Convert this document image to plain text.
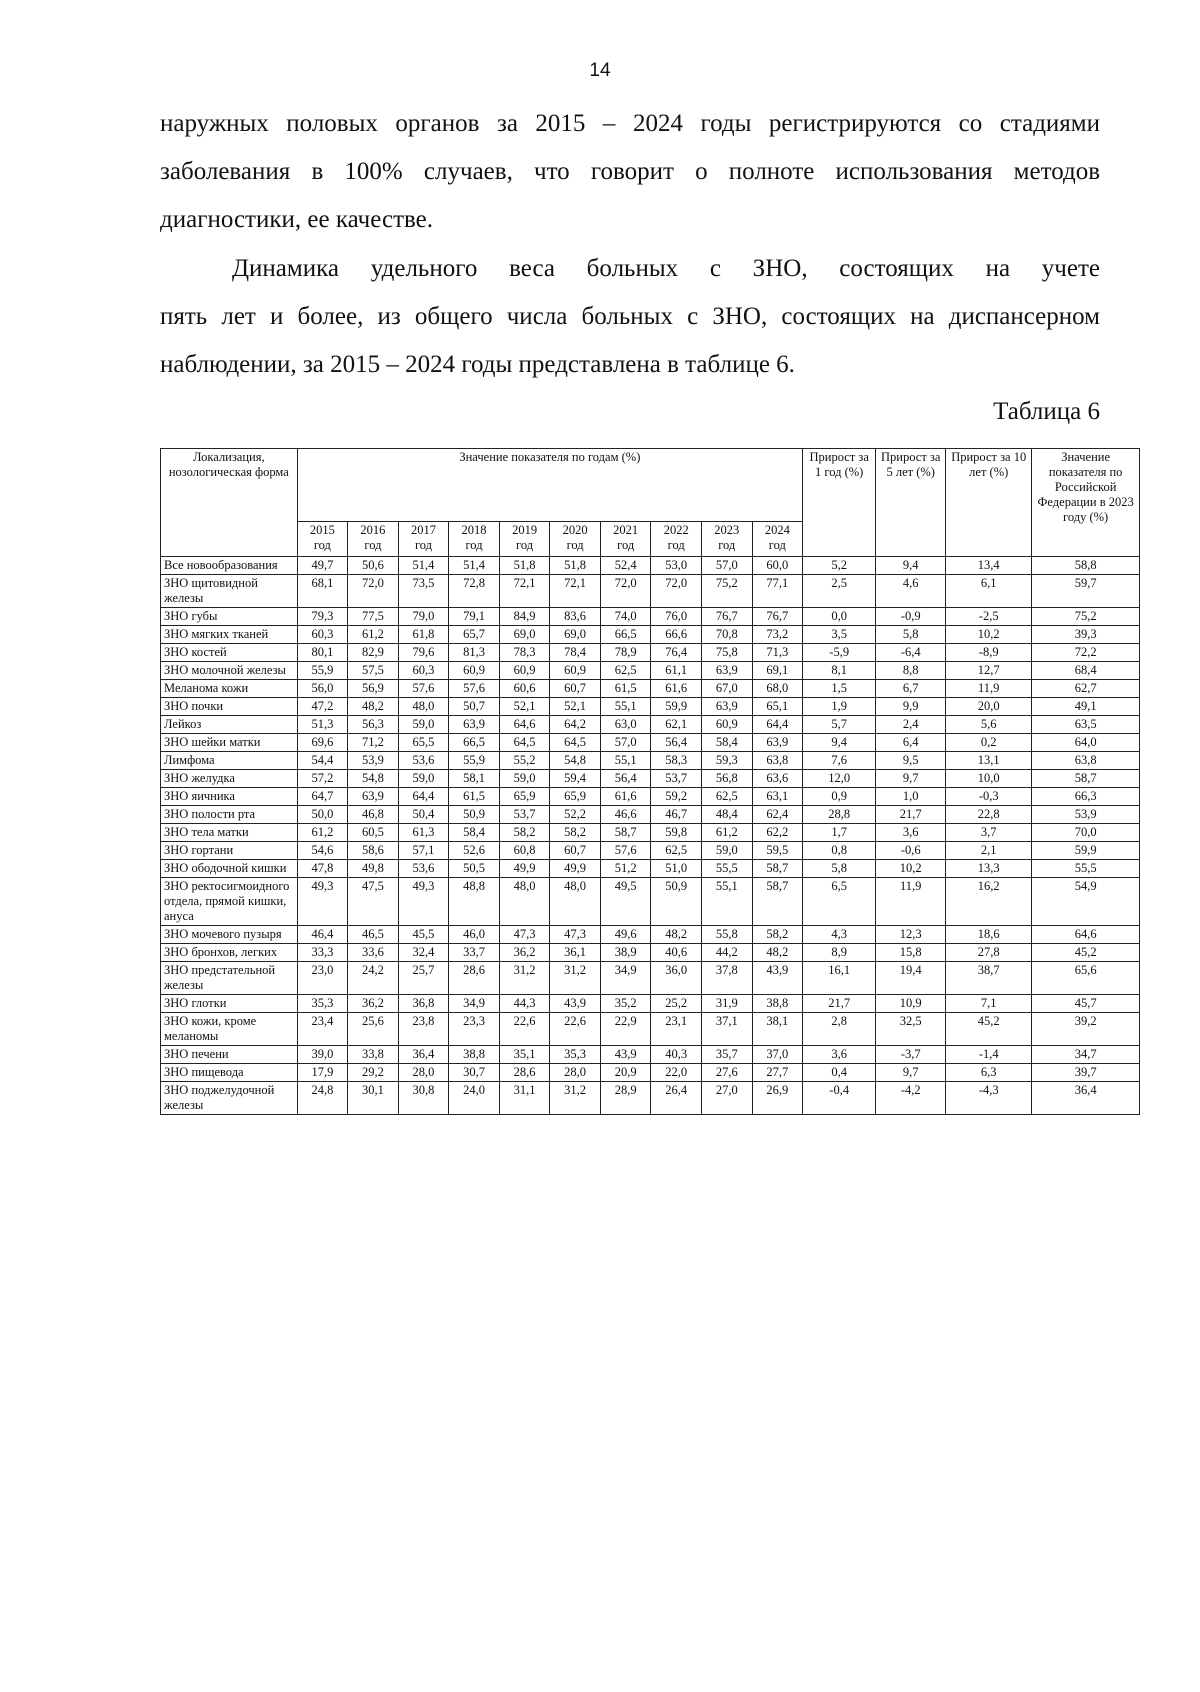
14
наружных половых органов за 2015 – 2024 годы регистрируются со стадиями
заболевания в 100% случаев, что говорит о полноте использования методов
диагностики, ее качестве.
Динамика удельного веса больных с ЗНО, состоящих на учете
пять лет и более, из общего числа больных с ЗНО, состоящих на диспансерном
наблюдении, за 2015 – 2024 годы представлена в таблице 6.
Таблица 6
Локализация, нозологическая форма	Значение показателя по годам (%)										Прирост за 1 год (%)	Прирост за 5 лет (%)	Прирост за 10 лет (%)	Значение показателя по Российской Федерации в 2023 году (%)
	2015 год	2016 год	2017 год	2018 год	2019 год	2020 год	2021 год	2022 год	2023 год	2024 год				
Все новообразования	49,7	50,6	51,4	51,4	51,8	51,8	52,4	53,0	57,0	60,0	5,2	9,4	13,4	58,8
ЗНО щитовидной железы	68,1	72,0	73,5	72,8	72,1	72,1	72,0	72,0	75,2	77,1	2,5	4,6	6,1	59,7
ЗНО губы	79,3	77,5	79,0	79,1	84,9	83,6	74,0	76,0	76,7	76,7	0,0	-0,9	-2,5	75,2
ЗНО мягких тканей	60,3	61,2	61,8	65,7	69,0	69,0	66,5	66,6	70,8	73,2	3,5	5,8	10,2	39,3
ЗНО костей	80,1	82,9	79,6	81,3	78,3	78,4	78,9	76,4	75,8	71,3	-5,9	-6,4	-8,9	72,2
ЗНО молочной железы	55,9	57,5	60,3	60,9	60,9	60,9	62,5	61,1	63,9	69,1	8,1	8,8	12,7	68,4
Меланома кожи	56,0	56,9	57,6	57,6	60,6	60,7	61,5	61,6	67,0	68,0	1,5	6,7	11,9	62,7
ЗНО почки	47,2	48,2	48,0	50,7	52,1	52,1	55,1	59,9	63,9	65,1	1,9	9,9	20,0	49,1
Лейкоз	51,3	56,3	59,0	63,9	64,6	64,2	63,0	62,1	60,9	64,4	5,7	2,4	5,6	63,5
ЗНО шейки матки	69,6	71,2	65,5	66,5	64,5	64,5	57,0	56,4	58,4	63,9	9,4	6,4	0,2	64,0
Лимфома	54,4	53,9	53,6	55,9	55,2	54,8	55,1	58,3	59,3	63,8	7,6	9,5	13,1	63,8
ЗНО желудка	57,2	54,8	59,0	58,1	59,0	59,4	56,4	53,7	56,8	63,6	12,0	9,7	10,0	58,7
ЗНО яичника	64,7	63,9	64,4	61,5	65,9	65,9	61,6	59,2	62,5	63,1	0,9	1,0	-0,3	66,3
ЗНО полости рта	50,0	46,8	50,4	50,9	53,7	52,2	46,6	46,7	48,4	62,4	28,8	21,7	22,8	53,9
ЗНО тела матки	61,2	60,5	61,3	58,4	58,2	58,2	58,7	59,8	61,2	62,2	1,7	3,6	3,7	70,0
ЗНО гортани	54,6	58,6	57,1	52,6	60,8	60,7	57,6	62,5	59,0	59,5	0,8	-0,6	2,1	59,9
ЗНО ободочной кишки	47,8	49,8	53,6	50,5	49,9	49,9	51,2	51,0	55,5	58,7	5,8	10,2	13,3	55,5
ЗНО ректосигмоидного отдела, прямой кишки, ануса	49,3	47,5	49,3	48,8	48,0	48,0	49,5	50,9	55,1	58,7	6,5	11,9	16,2	54,9
ЗНО мочевого пузыря	46,4	46,5	45,5	46,0	47,3	47,3	49,6	48,2	55,8	58,2	4,3	12,3	18,6	64,6
ЗНО бронхов, легких	33,3	33,6	32,4	33,7	36,2	36,1	38,9	40,6	44,2	48,2	8,9	15,8	27,8	45,2
ЗНО предстательной железы	23,0	24,2	25,7	28,6	31,2	31,2	34,9	36,0	37,8	43,9	16,1	19,4	38,7	65,6
ЗНО глотки	35,3	36,2	36,8	34,9	44,3	43,9	35,2	25,2	31,9	38,8	21,7	10,9	7,1	45,7
ЗНО кожи, кроме меланомы	23,4	25,6	23,8	23,3	22,6	22,6	22,9	23,1	37,1	38,1	2,8	32,5	45,2	39,2
ЗНО печени	39,0	33,8	36,4	38,8	35,1	35,3	43,9	40,3	35,7	37,0	3,6	-3,7	-1,4	34,7
ЗНО пищевода	17,9	29,2	28,0	30,7	28,6	28,0	20,9	22,0	27,6	27,7	0,4	9,7	6,3	39,7
ЗНО поджелудочной железы	24,8	30,1	30,8	24,0	31,1	31,2	28,9	26,4	27,0	26,9	-0,4	-4,2	-4,3	36,4
